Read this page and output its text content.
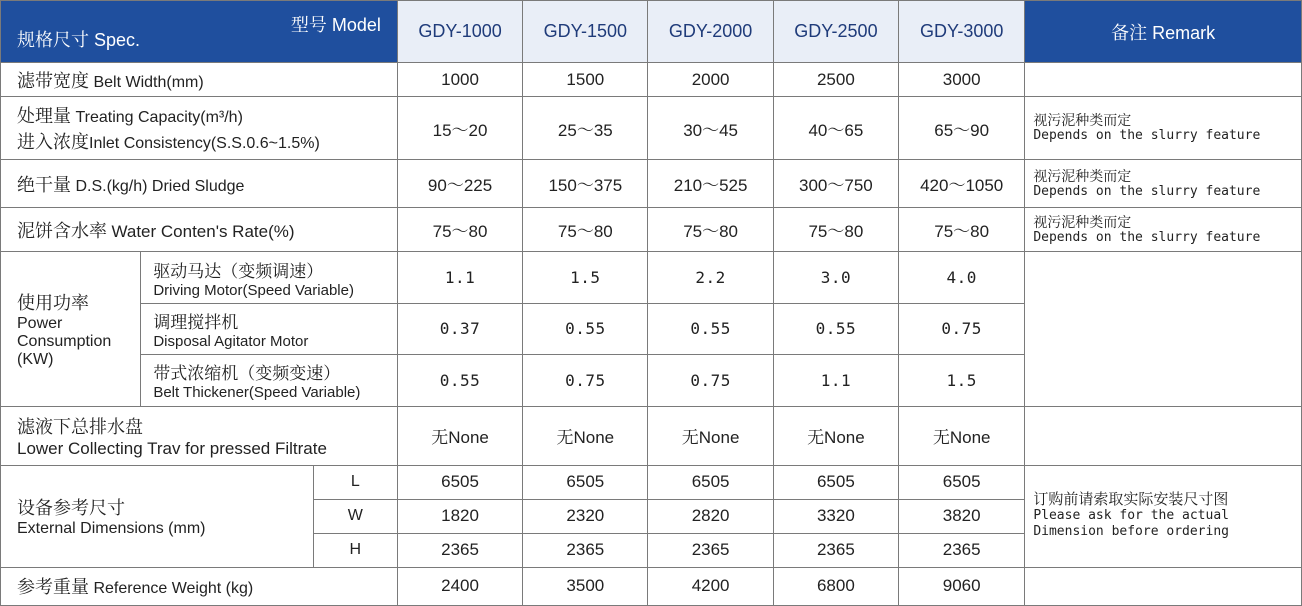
型号 Model
规格尺寸 Spec.			GDY-1000	GDY-1500	GDY-2000	GDY-2500	GDY-3000	备注 Remark
滤带宽度 Belt Width(mm)			1000	1500	2000	2500	3000	

处理量 Treating Capacity(m³/h)
进入浓度Inlet Consistency(S.S.0.6~1.5%)			15～20	25～35	30～45	40～65	65～90	视污泥种类而定
Depends on the slurry feature

绝干量 D.S.(kg/h) Dried Sludge			90～225	150～375	210～525	300～750	420～1050	视污泥种类而定
Depends on the slurry feature

泥饼含水率 Water Conten's Rate(%)			75～80	75～80	75～80	75～80	75～80	视污泥种类而定
Depends on the slurry feature

使用功率
Power
Consumption
(KW)	驱动马达（变频调速）
Driving Motor(Speed Variable)		1.1	1.5	2.2	3.0	4.0	

	调理搅拌机
Disposal Agitator Motor		0.37	0.55	0.55	0.55	0.75	

	带式浓缩机（变频变速）
Belt Thickener(Speed Variable)		0.55	0.75	0.75	1.1	1.5	

滤液下总排水盘
Lower Collecting Trav for pressed Filtrate			无None	无None	无None	无None	无None	

设备参考尺寸
External Dimensions (mm)		L	6505	6505	6505	6505	6505	订购前请索取实际安装尺寸图
Please ask for the actual
Dimension before ordering

		W	1820	2320	2820	3320	3820	
		H	2365	2365	2365	2365	2365	
参考重量 Reference Weight (kg)			2400	3500	4200	6800	9060	
